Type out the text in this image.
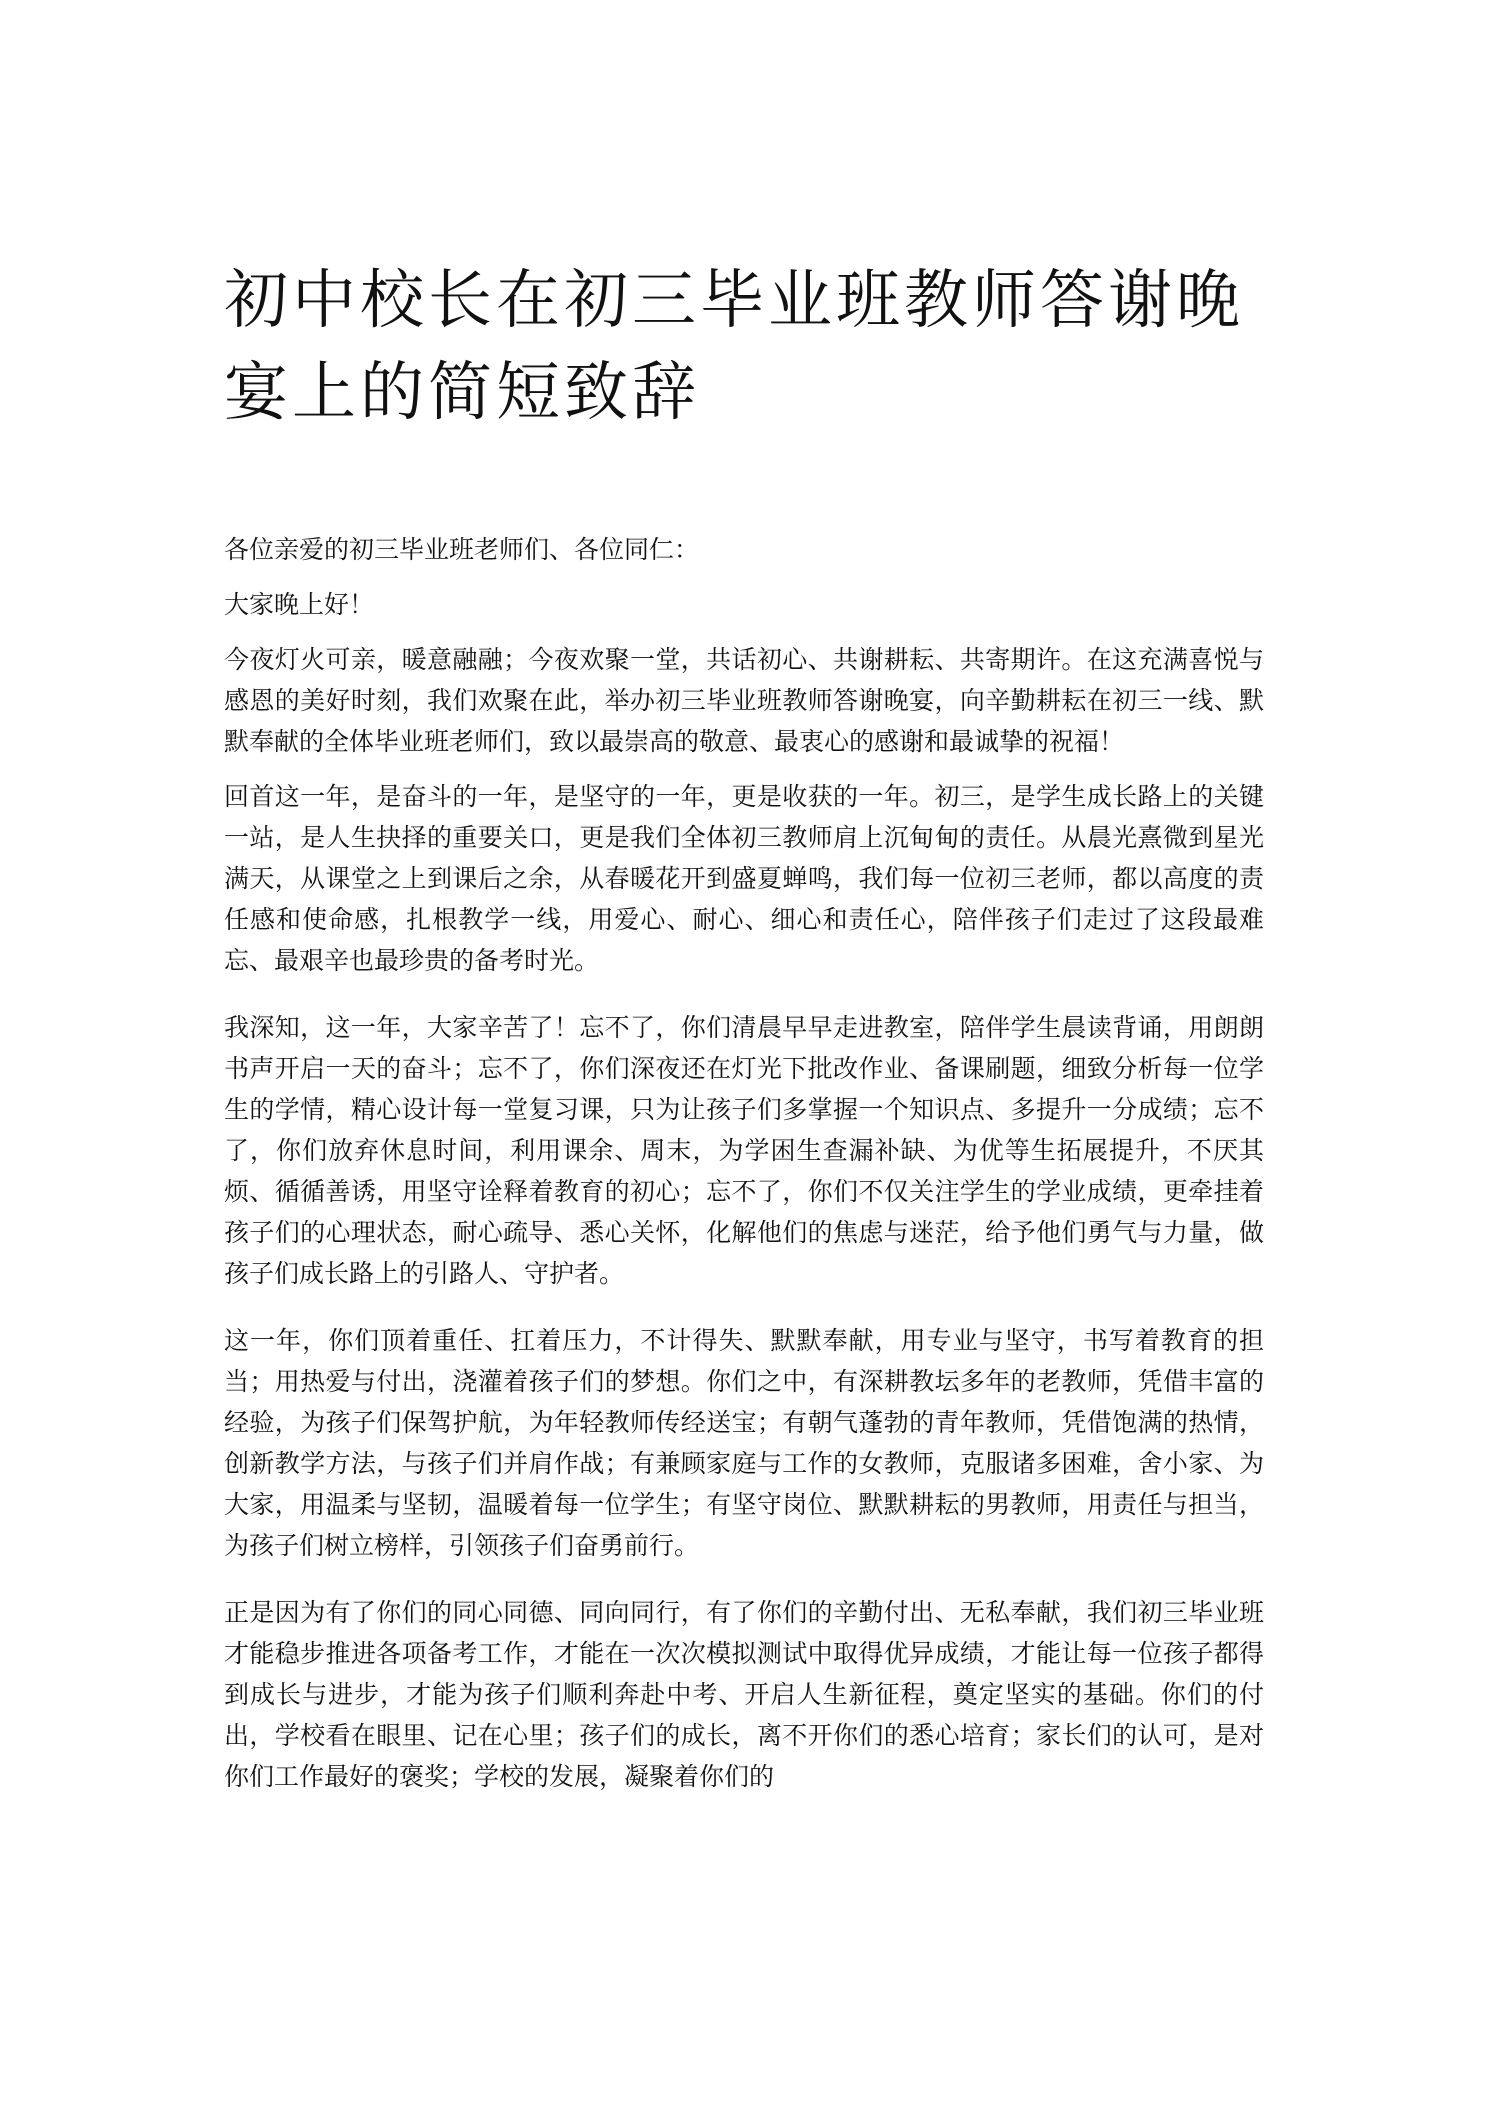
初中校长在初三毕业班教师答谢晚宴上的简短致辞

各位亲爱的初三毕业班老师们、各位同仁：

大家晚上好！

今夜灯火可亲，暖意融融；今夜欢聚一堂，共话初心、共谢耕耘、共寄期许。在这充满喜悦与感恩的美好时刻，我们欢聚在此，举办初三毕业班教师答谢晚宴，向辛勤耕耘在初三一线、默默奉献的全体毕业班老师们，致以最崇高的敬意、最衷心的感谢和最诚挚的祝福！

回首这一年，是奋斗的一年，是坚守的一年，更是收获的一年。初三，是学生成长路上的关键一站，是人生抉择的重要关口，更是我们全体初三教师肩上沉甸甸的责任。从晨光熹微到星光满天，从课堂之上到课后之余，从春暖花开到盛夏蝉鸣，我们每一位初三老师，都以高度的责任感和使命感，扎根教学一线，用爱心、耐心、细心和责任心，陪伴孩子们走过了这段最难忘、最艰辛也最珍贵的备考时光。

我深知，这一年，大家辛苦了！忘不了，你们清晨早早走进教室，陪伴学生晨读背诵，用朗朗书声开启一天的奋斗；忘不了，你们深夜还在灯光下批改作业、备课刷题，细致分析每一位学生的学情，精心设计每一堂复习课，只为让孩子们多掌握一个知识点、多提升一分成绩；忘不了，你们放弃休息时间，利用课余、周末，为学困生查漏补缺、为优等生拓展提升，不厌其烦、循循善诱，用坚守诠释着教育的初心；忘不了，你们不仅关注学生的学业成绩，更牵挂着孩子们的心理状态，耐心疏导、悉心关怀，化解他们的焦虑与迷茫，给予他们勇气与力量，做孩子们成长路上的引路人、守护者。

这一年，你们顶着重任、扛着压力，不计得失、默默奉献，用专业与坚守，书写着教育的担当；用热爱与付出，浇灌着孩子们的梦想。你们之中，有深耕教坛多年的老教师，凭借丰富的经验，为孩子们保驾护航，为年轻教师传经送宝；有朝气蓬勃的青年教师，凭借饱满的热情，创新教学方法，与孩子们并肩作战；有兼顾家庭与工作的女教师，克服诸多困难，舍小家、为大家，用温柔与坚韧，温暖着每一位学生；有坚守岗位、默默耕耘的男教师，用责任与担当，为孩子们树立榜样，引领孩子们奋勇前行。

正是因为有了你们的同心同德、同向同行，有了你们的辛勤付出、无私奉献，我们初三毕业班才能稳步推进各项备考工作，才能在一次次模拟测试中取得优异成绩，才能让每一位孩子都得到成长与进步，才能为孩子们顺利奔赴中考、开启人生新征程，奠定坚实的基础。你们的付出，学校看在眼里、记在心里；孩子们的成长，离不开你们的悉心培育；家长们的认可，是对你们工作最好的褒奖；学校的发展，凝聚着你们的
